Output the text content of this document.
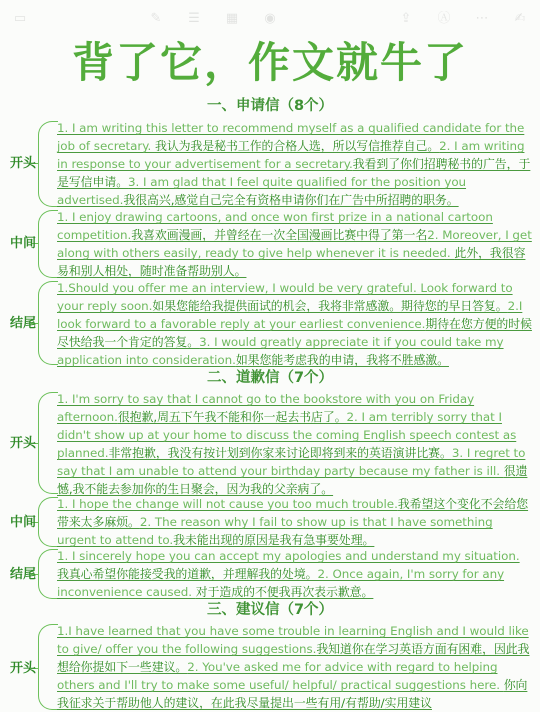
▭	✎ ☰ ▦ ◉	⇪ Ⓐ ⋯ ✍
背了它，作文就牛了
一、申请信（8个）
开头

1. I am writing this letter to recommend myself as a qualified candidate for the job of secretary. 我认为我是秘书工作的合格人选，所以写信推荐自己。2. I am writing in response to your advertisement for a secretary.我看到了你们招聘秘书的广告，于是写信申请。3. I am glad that I feel quite qualified for the position you advertised.我很高兴,感觉自己完全有资格申请你们在广告中所招聘的职务。

中间

1. I enjoy drawing cartoons, and once won first prize in a national cartoon competition.我喜欢画漫画，并曾经在一次全国漫画比赛中得了第一名2. Moreover, I get along with others easily, ready to give help whenever it is needed. 此外，我很容易和别人相处，随时准备帮助别人。

结尾

1.Should you offer me an interview, I would be very grateful. Look forward to your reply soon.如果您能给我提供面试的机会，我将非常感激。期待您的早日答复。2.I look forward to a favorable reply at your earliest convenience.期待在您方便的时候尽快给我一个肯定的答复。3. I would greatly appreciate it if you could take my application into consideration.如果您能考虑我的申请，我将不胜感激。

二、道歉信（7个）
开头

1. I'm sorry to say that I cannot go to the bookstore with you on Friday afternoon.很抱歉,周五下午我不能和你一起去书店了。2. I am terribly sorry that I didn't show up at your home to discuss the coming English speech contest as planned.非常抱歉，我没有按计划到你家来讨论即将到来的英语演讲比赛。3. I regret to say that I am unable to attend your birthday party because my father is ill. 很遗憾,我不能去参加你的生日聚会，因为我的父亲病了。

中间

1. I hope the change will not cause you too much trouble.我希望这个变化不会给您带来太多麻烦。2. The reason why I fail to show up is that I have something urgent to attend to.我未能出现的原因是我有急事要处理。

结尾

1. I sincerely hope you can accept my apologies and understand my situation. 我真心希望你能接受我的道歉，并理解我的处境。2. Once again, I'm sorry for any inconvenience caused. 对于造成的不便我再次表示歉意。

三、建议信（7个）
开头

1.I have learned that you have some trouble in learning English and I would like to give/ offer you the following suggestions.我知道你在学习英语方面有困难，因此我想给你提如下一些建议。2. You've asked me for advice with regard to helping others and I'll try to make some useful/ helpful/ practical suggestions here. 你向我征求关于帮助他人的建议，在此我尽量提出一些有用/有帮助/实用建议
